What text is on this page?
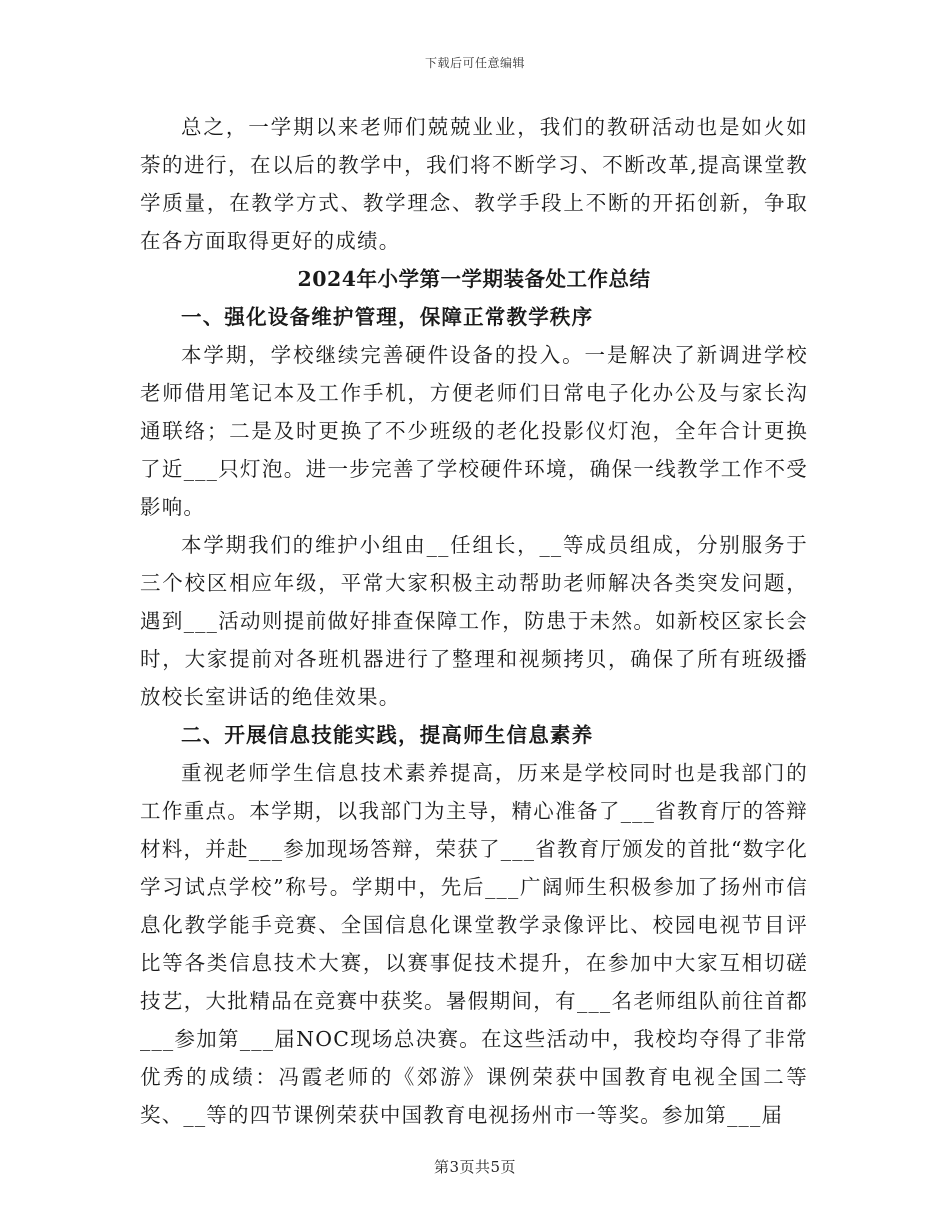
下载后可任意编辑

总之，一学期以来老师们兢兢业业，我们的教研活动也是如火如荼的进行，在以后的教学中，我们将不断学习、不断改革,提高课堂教学质量，在教学方式、教学理念、教学手段上不断的开拓创新，争取在各方面取得更好的成绩。

2024年小学第一学期装备处工作总结

一、强化设备维护管理，保障正常教学秩序

本学期，学校继续完善硬件设备的投入。一是解决了新调进学校老师借用笔记本及工作手机，方便老师们日常电子化办公及与家长沟通联络；二是及时更换了不少班级的老化投影仪灯泡，全年合计更换了近___只灯泡。进一步完善了学校硬件环境，确保一线教学工作不受影响。

本学期我们的维护小组由__任组长，__等成员组成，分别服务于三个校区相应年级，平常大家积极主动帮助老师解决各类突发问题，遇到___活动则提前做好排查保障工作，防患于未然。如新校区家长会时，大家提前对各班机器进行了整理和视频拷贝，确保了所有班级播放校长室讲话的绝佳效果。

二、开展信息技能实践，提高师生信息素养

重视老师学生信息技术素养提高，历来是学校同时也是我部门的工作重点。本学期，以我部门为主导，精心准备了___省教育厅的答辩材料，并赴___参加现场答辩，荣获了___省教育厅颁发的首批“数字化学习试点学校”称号。学期中，先后___广阔师生积极参加了扬州市信息化教学能手竞赛、全国信息化课堂教学录像评比、校园电视节目评比等各类信息技术大赛，以赛事促技术提升，在参加中大家互相切磋技艺，大批精品在竞赛中获奖。暑假期间，有___名老师组队前往首都___参加第___届NOC现场总决赛。在这些活动中，我校均夺得了非常优秀的成绩：冯霞老师的《郊游》课例荣获中国教育电视全国二等奖、__等的四节课例荣获中国教育电视扬州市一等奖。参加第___届

第3页共5页
